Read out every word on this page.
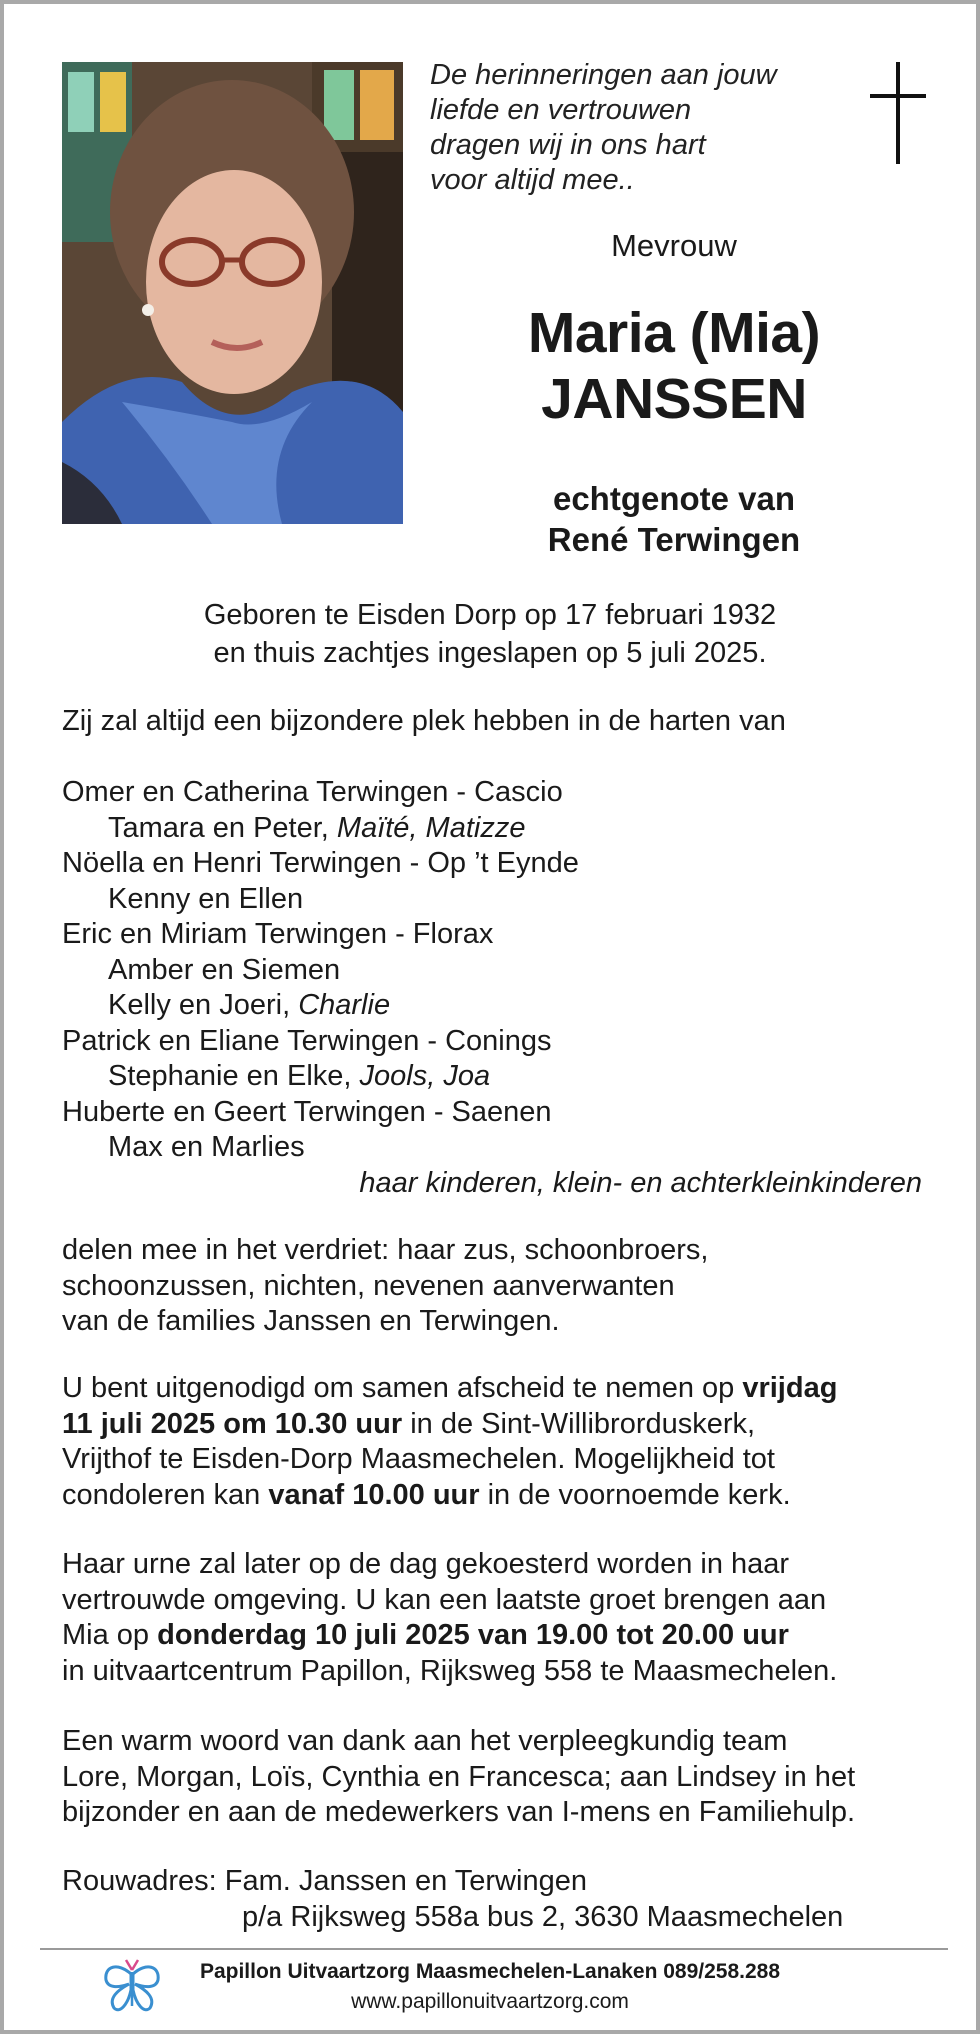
De herinneringen aan jouw
liefde en vertrouwen
dragen wij in ons hart
voor altijd mee..
Mevrouw
Maria (Mia)
JANSSEN
echtgenote van
René Terwingen
Geboren te Eisden Dorp op 17 februari 1932
en thuis zachtjes ingeslapen op 5 juli 2025.
Zij zal altijd een bijzondere plek hebben in de harten van
Omer en Catherina Terwingen - Cascio
Tamara en Peter, Maïté, Matizze
Nöella en Henri Terwingen - Op ’t Eynde
Kenny en Ellen
Eric en Miriam Terwingen - Florax
Amber en Siemen
Kelly en Joeri, Charlie
Patrick en Eliane Terwingen - Conings
Stephanie en Elke, Jools, Joa
Huberte en Geert Terwingen - Saenen
Max en Marlies
haar kinderen, klein- en achterkleinkinderen
delen mee in het verdriet: haar zus, schoonbroers,
schoonzussen, nichten, nevenen aanverwanten
van de families Janssen en Terwingen.
U bent uitgenodigd om samen afscheid te nemen op vrijdag
11 juli 2025 om 10.30 uur in de Sint-Willibrorduskerk,
Vrijthof te Eisden-Dorp Maasmechelen. Mogelijkheid tot
condoleren kan vanaf 10.00 uur in de voornoemde kerk.
Haar urne zal later op de dag gekoesterd worden in haar
vertrouwde omgeving. U kan een laatste groet brengen aan
Mia op donderdag 10 juli 2025 van 19.00 tot 20.00 uur
in uitvaartcentrum Papillon, Rijksweg 558 te Maasmechelen.
Een warm woord van dank aan het verpleegkundig team
Lore, Morgan, Loïs, Cynthia en Francesca; aan Lindsey in het
bijzonder en aan de medewerkers van I-mens en Familiehulp.
Rouwadres: Fam. Janssen en Terwingen
p/a Rijksweg 558a bus 2, 3630 Maasmechelen
Papillon Uitvaartzorg Maasmechelen-Lanaken 089/258.288
www.papillonuitvaartzorg.com
